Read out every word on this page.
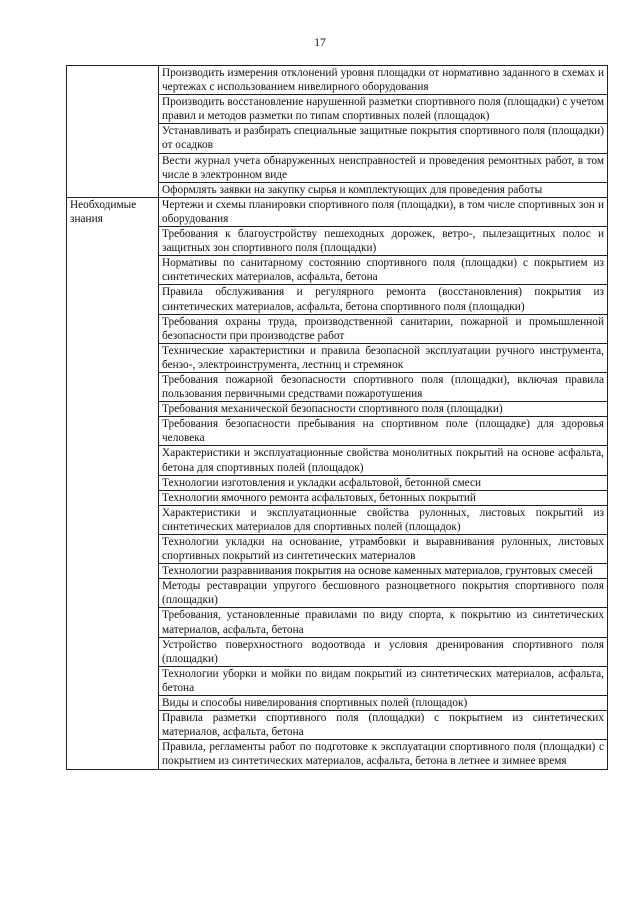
17

	Производить измерения отклонений уровня площадки от нормативно заданного в схемах и чертежах с использованием нивелирного оборудования

	Производить восстановление нарушенной разметки спортивного поля (площадки) с учетом правил и методов разметки по типам спортивных полей (площадок)

	Устанавливать и разбирать специальные защитные покрытия спортивного поля (площадки) от осадков

	Вести журнал учета обнаруженных неисправностей и проведения ремонтных работ, в том числе в электронном виде

	Оформлять заявки на закупку сырья и комплектующих для проведения работы

Необходимые знания	Чертежи и схемы планировки спортивного поля (площадки), в том числе спортивных зон и оборудования

	Требования к благоустройству пешеходных дорожек, ветро-, пылезащитных полос и защитных зон спортивного поля (площадки)

	Нормативы по санитарному состоянию спортивного поля (площадки) с покрытием из синтетических материалов, асфальта, бетона

	Правила обслуживания и регулярного ремонта (восстановления) покрытия из синтетических материалов, асфальта, бетона спортивного поля (площадки)

	Требования охраны труда, производственной санитарии, пожарной и промышленной безопасности при производстве работ

	Технические характеристики и правила безопасной эксплуатации ручного инструмента, бензо-, электроинструмента, лестниц и стремянок

	Требования пожарной безопасности спортивного поля (площадки), включая правила пользования первичными средствами пожаротушения

	Требования механической безопасности спортивного поля (площадки)

	Требования безопасности пребывания на спортивном поле (площадке) для здоровья человека

	Характеристики и эксплуатационные свойства монолитных покрытий на основе асфальта, бетона для спортивных полей (площадок)

	Технологии изготовления и укладки асфальтовой, бетонной смеси

	Технологии ямочного ремонта асфальтовых, бетонных покрытий

	Характеристики и эксплуатационные свойства рулонных, листовых покрытий из синтетических материалов для спортивных полей (площадок)

	Технологии укладки на основание, утрамбовки и выравнивания рулонных, листовых спортивных покрытий из синтетических материалов

	Технологии разравнивания покрытия на основе каменных материалов, грунтовых смесей

	Методы реставрации упругого бесшовного разноцветного покрытия спортивного поля (площадки)

	Требования, установленные правилами по виду спорта, к покрытию из синтетических материалов, асфальта, бетона

	Устройство поверхностного водоотвода и условия дренирования спортивного поля (площадки)

	Технологии уборки и мойки по видам покрытий из синтетических материалов, асфальта, бетона

	Виды и способы нивелирования спортивных полей (площадок)

	Правила разметки спортивного поля (площадки) с покрытием из синтетических материалов, асфальта, бетона

	Правила, регламенты работ по подготовке к эксплуатации спортивного поля (площадки) с покрытием из синтетических материалов, асфальта, бетона в летнее и зимнее время
